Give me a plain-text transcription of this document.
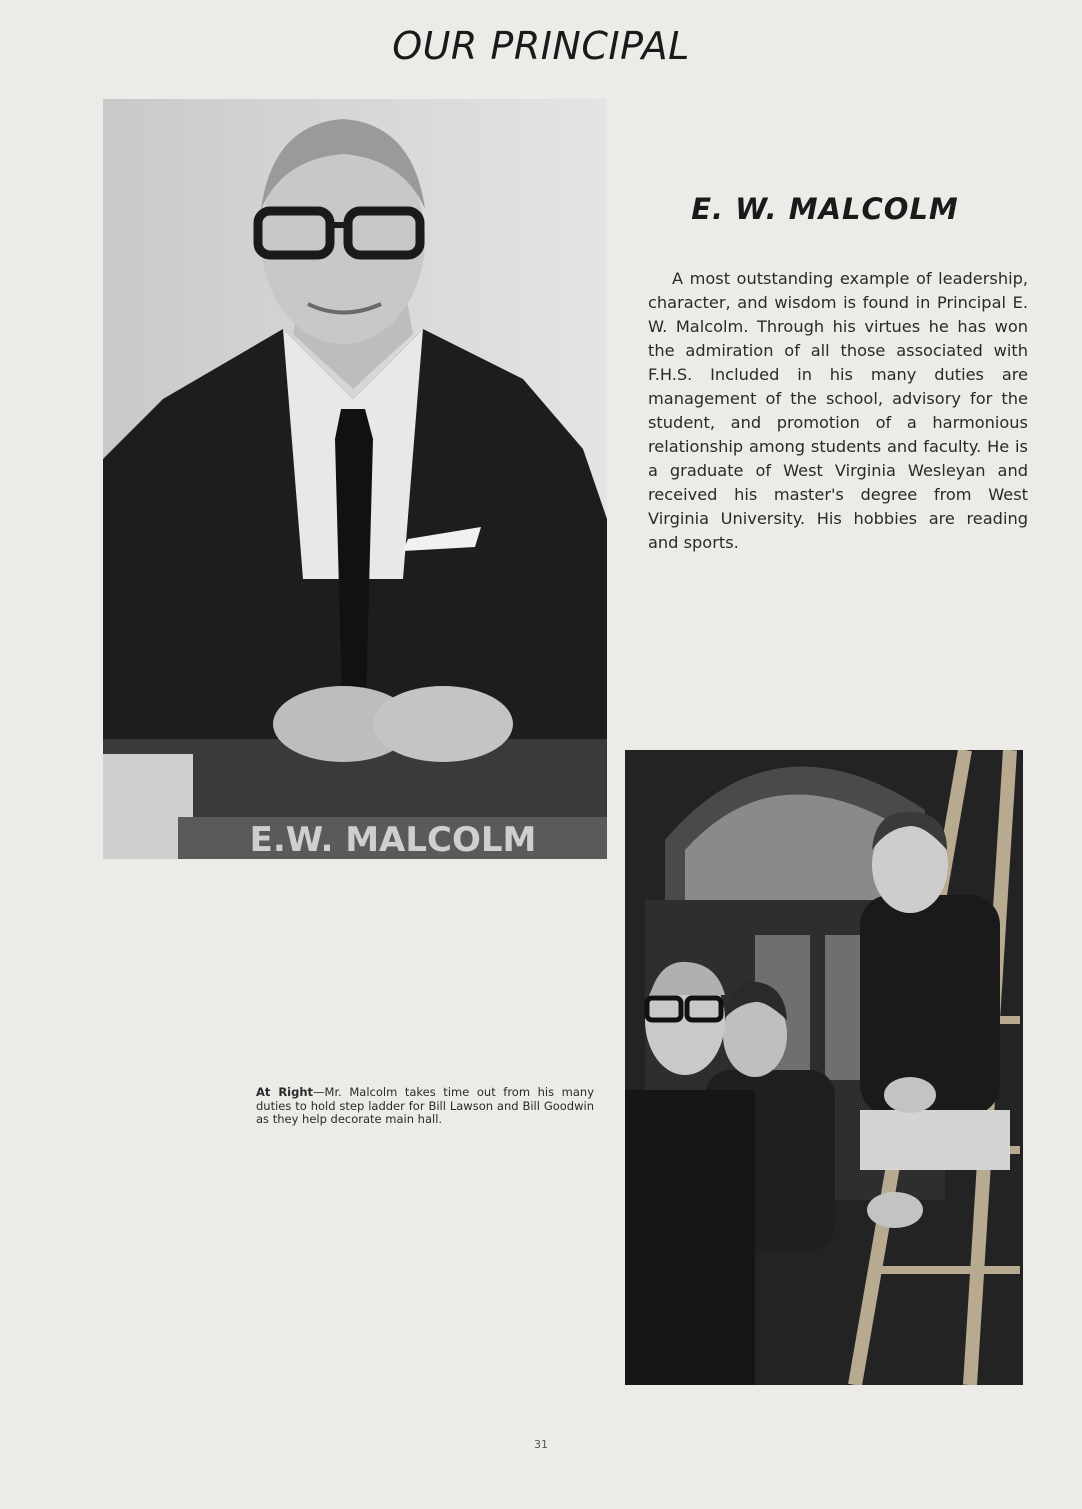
OUR PRINCIPAL
E.W. MALCOLM
E. W. MALCOLM

A most outstanding example of leadership, character, and wisdom is found in Principal E. W. Malcolm. Through his virtues he has won the admiration of all those associated with F.H.S. Included in his many duties are management of the school, advisory for the student, and promotion of a harmonious relationship among students and faculty. He is a graduate of West Virginia Wesleyan and received his master's degree from West Virginia University. His hobbies are reading and sports.

At Right—Mr. Malcolm takes time out from his many duties to hold step ladder for Bill Lawson and Bill Goodwin as they help decorate main hall.

31
